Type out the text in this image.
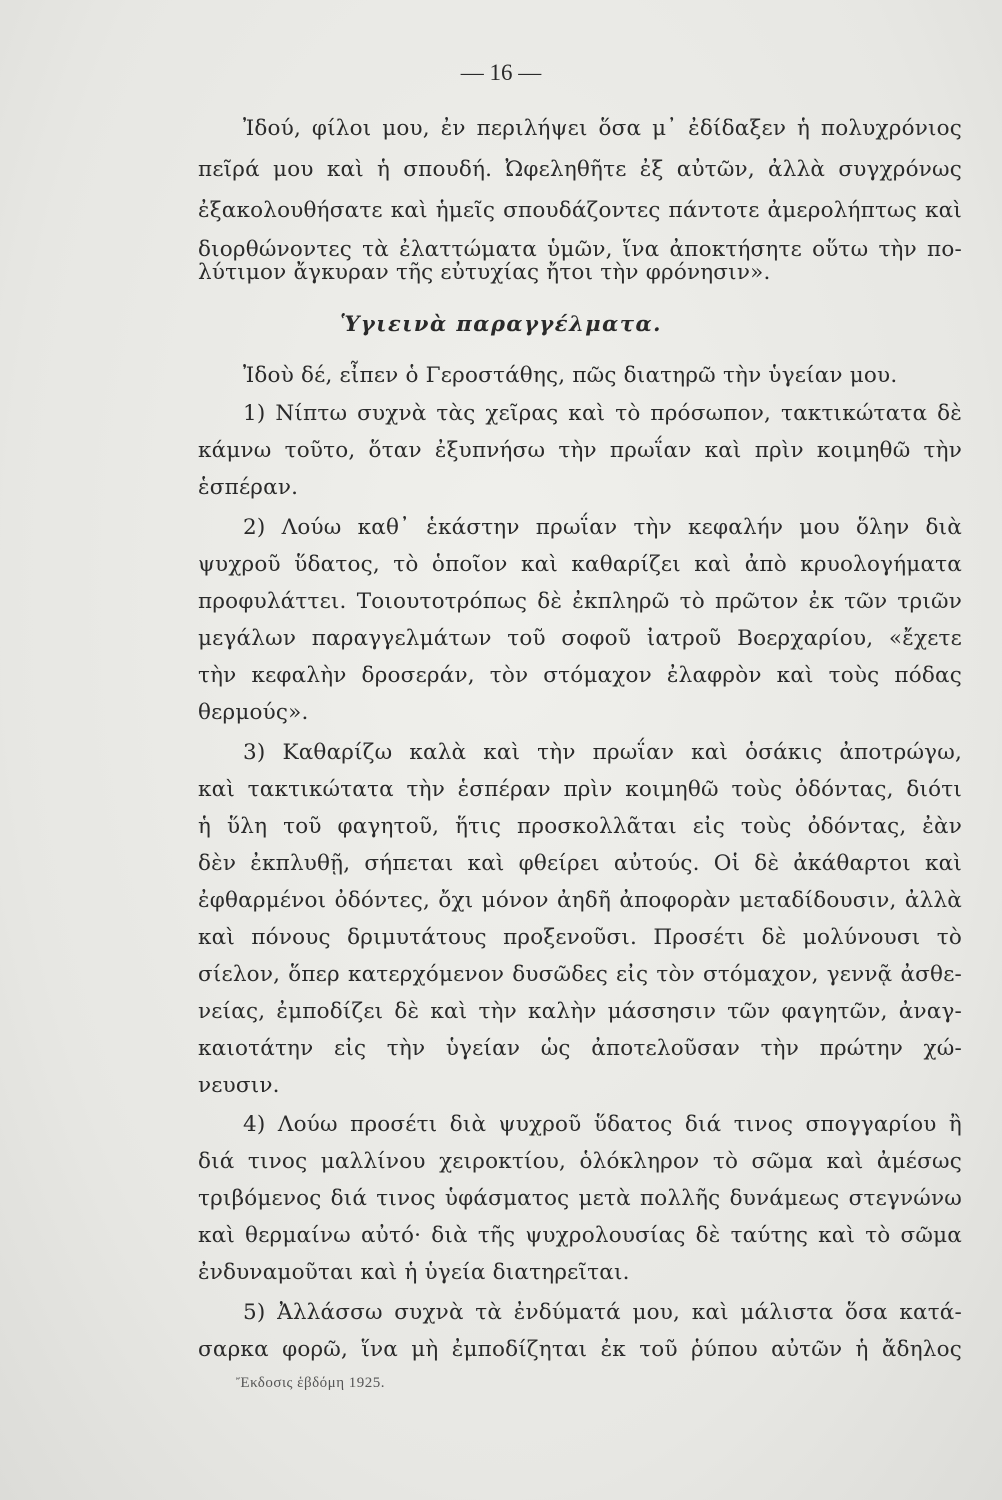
— 16 —
Ἰδού, φίλοι μου, ἐν περιλήψει ὅσα μ᾽ ἐδίδαξεν ἡ πολυχρόνιος
πεῖρά μου καὶ ἡ σπουδή. Ὠφεληθῆτε ἐξ αὐτῶν, ἀλλὰ συγχρόνως
ἐξακολουθήσατε καὶ ἡμεῖς σπουδάζοντες πάντοτε ἀμερολήπτως καὶ
διορθώνοντες τὰ ἐλαττώματα ὑμῶν, ἵνα ἀποκτήσητε οὕτω τὴν πο-
λύτιμον ἄγκυραν τῆς εὐτυχίας ἤτοι τὴν φρόνησιν».
Ὑγιεινὰ παραγγέλματα.
Ἰδοὺ δέ, εἶπεν ὁ Γεροστάθης, πῶς διατηρῶ τὴν ὑγείαν μου.
1) Νίπτω συχνὰ τὰς χεῖρας καὶ τὸ πρόσωπον, τακτικώτατα δὲ
κάμνω τοῦτο, ὅταν ἐξυπνήσω τὴν πρωΐαν καὶ πρὶν κοιμηθῶ τὴν
ἑσπέραν.
2) Λούω καθ᾽ ἑκάστην πρωΐαν τὴν κεφαλήν μου ὅλην διὰ
ψυχροῦ ὕδατος, τὸ ὁποῖον καὶ καθαρίζει καὶ ἀπὸ κρυολογήματα
προφυλάττει. Τοιουτοτρόπως δὲ ἐκπληρῶ τὸ πρῶτον ἐκ τῶν τριῶν
μεγάλων παραγγελμάτων τοῦ σοφοῦ ἰατροῦ Βοερχαρίου, «ἔχετε
τὴν κεφαλὴν δροσεράν, τὸν στόμαχον ἐλαφρὸν καὶ τοὺς πόδας
θερμούς».
3) Καθαρίζω καλὰ καὶ τὴν πρωΐαν καὶ ὁσάκις ἀποτρώγω,
καὶ τακτικώτατα τὴν ἑσπέραν πρὶν κοιμηθῶ τοὺς ὀδόντας, διότι
ἡ ὕλη τοῦ φαγητοῦ, ἥτις προσκολλᾶται εἰς τοὺς ὀδόντας, ἐὰν
δὲν ἐκπλυθῇ, σήπεται καὶ φθείρει αὐτούς. Οἱ δὲ ἀκάθαρτοι καὶ
ἐφθαρμένοι ὀδόντες, ὄχι μόνον ἀηδῆ ἀποφορὰν μεταδίδουσιν, ἀλλὰ
καὶ πόνους δριμυτάτους προξενοῦσι. Προσέτι δὲ μολύνουσι τὸ
σίελον, ὅπερ κατερχόμενον δυσῶδες εἰς τὸν στόμαχον, γεννᾷ ἀσθε-
νείας, ἐμποδίζει δὲ καὶ τὴν καλὴν μάσσησιν τῶν φαγητῶν, ἀναγ-
καιοτάτην εἰς τὴν ὑγείαν ὡς ἀποτελοῦσαν τὴν πρώτην χώ-
νευσιν.
4) Λούω προσέτι διὰ ψυχροῦ ὕδατος διά τινος σπογγαρίου ἢ
διά τινος μαλλίνου χειροκτίου, ὁλόκληρον τὸ σῶμα καὶ ἀμέσως
τριβόμενος διά τινος ὑφάσματος μετὰ πολλῆς δυνάμεως στεγνώνω
καὶ θερμαίνω αὐτό· διὰ τῆς ψυχρολουσίας δὲ ταύτης καὶ τὸ σῶμα
ἐνδυναμοῦται καὶ ἡ ὑγεία διατηρεῖται.
5) Ἀλλάσσω συχνὰ τὰ ἐνδύματά μου, καὶ μάλιστα ὅσα κατά-
σαρκα φορῶ, ἵνα μὴ ἐμποδίζηται ἐκ τοῦ ῥύπου αὐτῶν ἡ ἄδηλος
Ἔκδοσις ἑβδόμη 1925.
